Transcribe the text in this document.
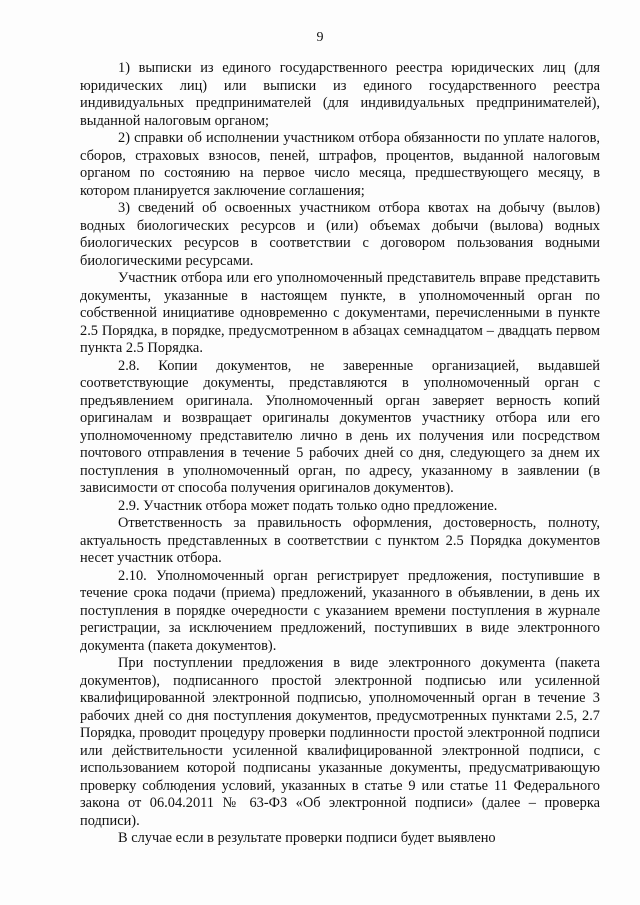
9

1) выписки из единого государственного реестра юридических лиц (для юридических лиц) или выписки из единого государственного реестра индивидуальных предпринимателей (для индивидуальных предпринимателей), выданной налоговым органом;

2) справки об исполнении участником отбора обязанности по уплате налогов, сборов, страховых взносов, пеней, штрафов, процентов, выданной налоговым органом по состоянию на первое число месяца, предшествующего месяцу, в котором планируется заключение соглашения;

3) сведений об освоенных участником отбора квотах на добычу (вылов) водных биологических ресурсов и (или) объемах добычи (вылова) водных биологических ресурсов в соответствии с договором пользования водными биологическими ресурсами.

Участник отбора или его уполномоченный представитель вправе представить документы, указанные в настоящем пункте, в уполномоченный орган по собственной инициативе одновременно с документами, перечисленными в пункте 2.5 Порядка, в порядке, предусмотренном в абзацах семнадцатом – двадцать первом пункта 2.5 Порядка.

2.8. Копии документов, не заверенные организацией, выдавшей соответствующие документы, представляются в уполномоченный орган с предъявлением оригинала. Уполномоченный орган заверяет верность копий оригиналам и возвращает оригиналы документов участнику отбора или его уполномоченному представителю лично в день их получения или посредством почтового отправления в течение 5 рабочих дней со дня, следующего за днем их поступления в уполномоченный орган, по адресу, указанному в заявлении (в зависимости от способа получения оригиналов документов).

2.9. Участник отбора может подать только одно предложение.

Ответственность за правильность оформления, достоверность, полноту, актуальность представленных в соответствии с пунктом 2.5 Порядка документов несет участник отбора.

2.10. Уполномоченный орган регистрирует предложения, поступившие в течение срока подачи (приема) предложений, указанного в объявлении, в день их поступления в порядке очередности с указанием времени поступления в журнале регистрации, за исключением предложений, поступивших в виде электронного документа (пакета документов).

При поступлении предложения в виде электронного документа (пакета документов), подписанного простой электронной подписью или усиленной квалифицированной электронной подписью, уполномоченный орган в течение 3 рабочих дней со дня поступления документов, предусмотренных пунктами 2.5, 2.7 Порядка, проводит процедуру проверки подлинности простой электронной подписи или действительности усиленной квалифицированной электронной подписи, с использованием которой подписаны указанные документы, предусматривающую проверку соблюдения условий, указанных в статье 9 или статье 11 Федерального закона от 06.04.2011 № 63-ФЗ «Об электронной подписи» (далее – проверка подписи).

В случае если в результате проверки подписи будет выявлено
